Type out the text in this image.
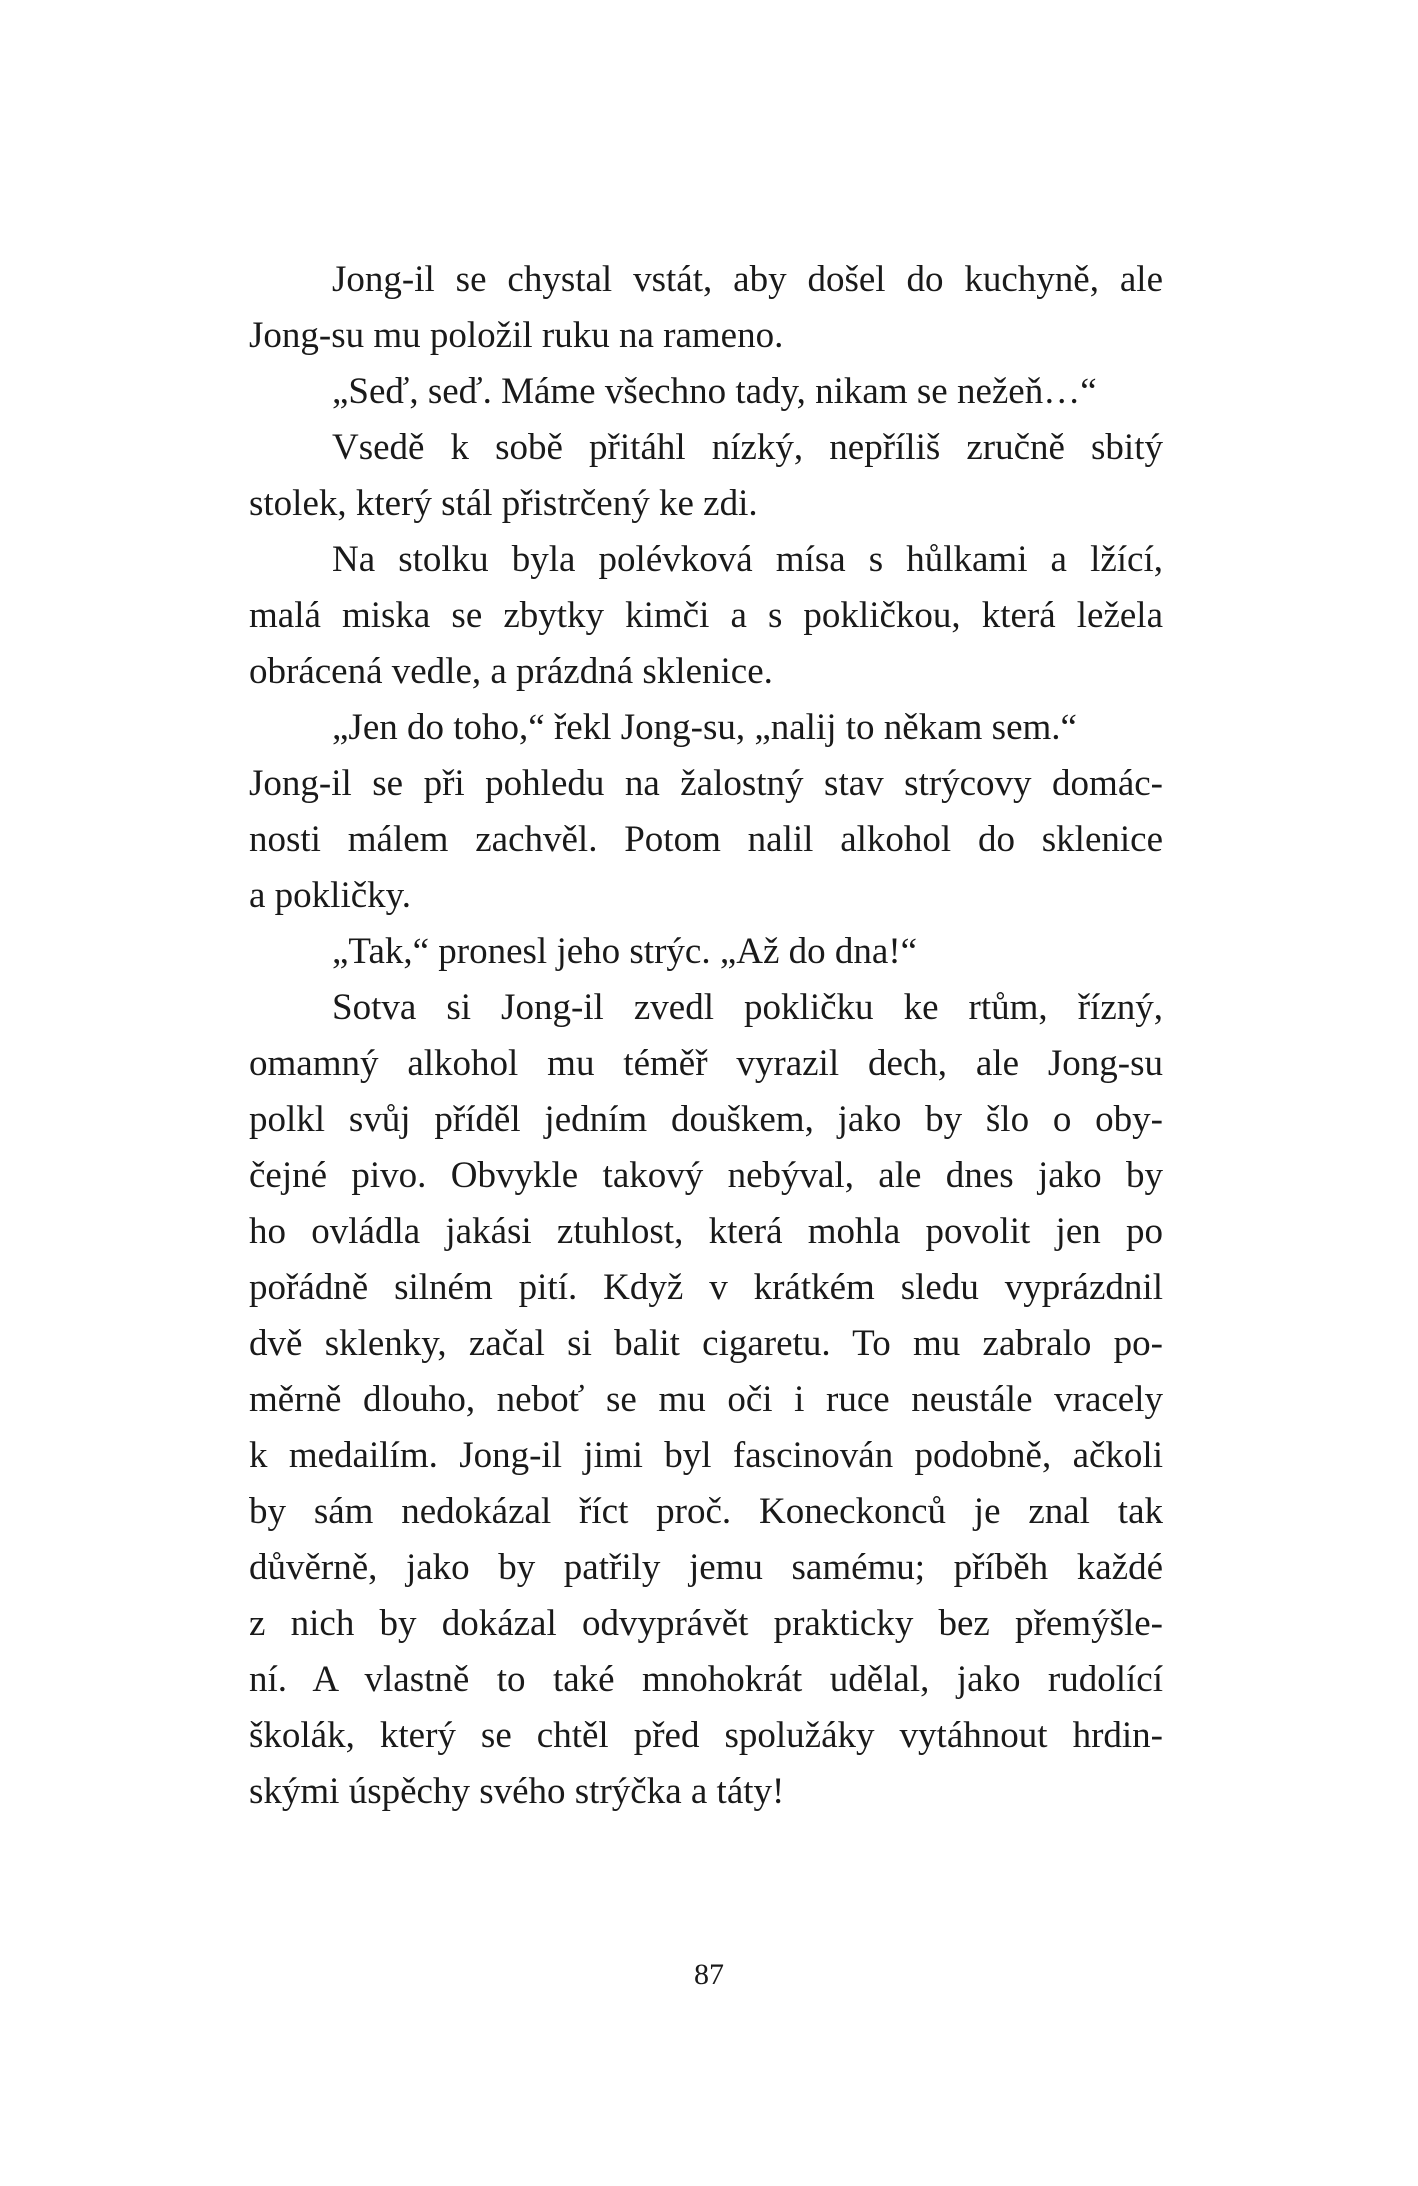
Jong-il se chystal vstát, aby došel do kuchyně, ale
Jong-su mu položil ruku na rameno.
„Seď, seď. Máme všechno tady, nikam se nežeň…“
Vsedě k sobě přitáhl nízký, nepříliš zručně sbitý
stolek, který stál přistrčený ke zdi.
Na stolku byla polévková mísa s hůlkami a lžící,
malá miska se zbytky kimči a s pokličkou, která ležela
obrácená vedle, a prázdná sklenice.
„Jen do toho,“ řekl Jong-su, „nalij to někam sem.“
Jong-il se při pohledu na žalostný stav strýcovy domác-
nosti málem zachvěl. Potom nalil alkohol do sklenice
a pokličky.
„Tak,“ pronesl jeho strýc. „Až do dna!“
Sotva si Jong-il zvedl pokličku ke rtům, řízný,
omamný alkohol mu téměř vyrazil dech, ale Jong-su
polkl svůj příděl jedním douškem, jako by šlo o oby-
čejné pivo. Obvykle takový nebýval, ale dnes jako by
ho ovládla jakási ztuhlost, která mohla povolit jen po
pořádně silném pití. Když v krátkém sledu vyprázdnil
dvě sklenky, začal si balit cigaretu. To mu zabralo po-
měrně dlouho, neboť se mu oči i ruce neustále vracely
k medailím. Jong-il jimi byl fascinován podobně, ačkoli
by sám nedokázal říct proč. Koneckonců je znal tak
důvěrně, jako by patřily jemu samému; příběh každé
z nich by dokázal odvyprávět prakticky bez přemýšle-
ní. A vlastně to také mnohokrát udělal, jako rudolící
školák, který se chtěl před spolužáky vytáhnout hrdin-
skými úspěchy svého strýčka a táty!
87
